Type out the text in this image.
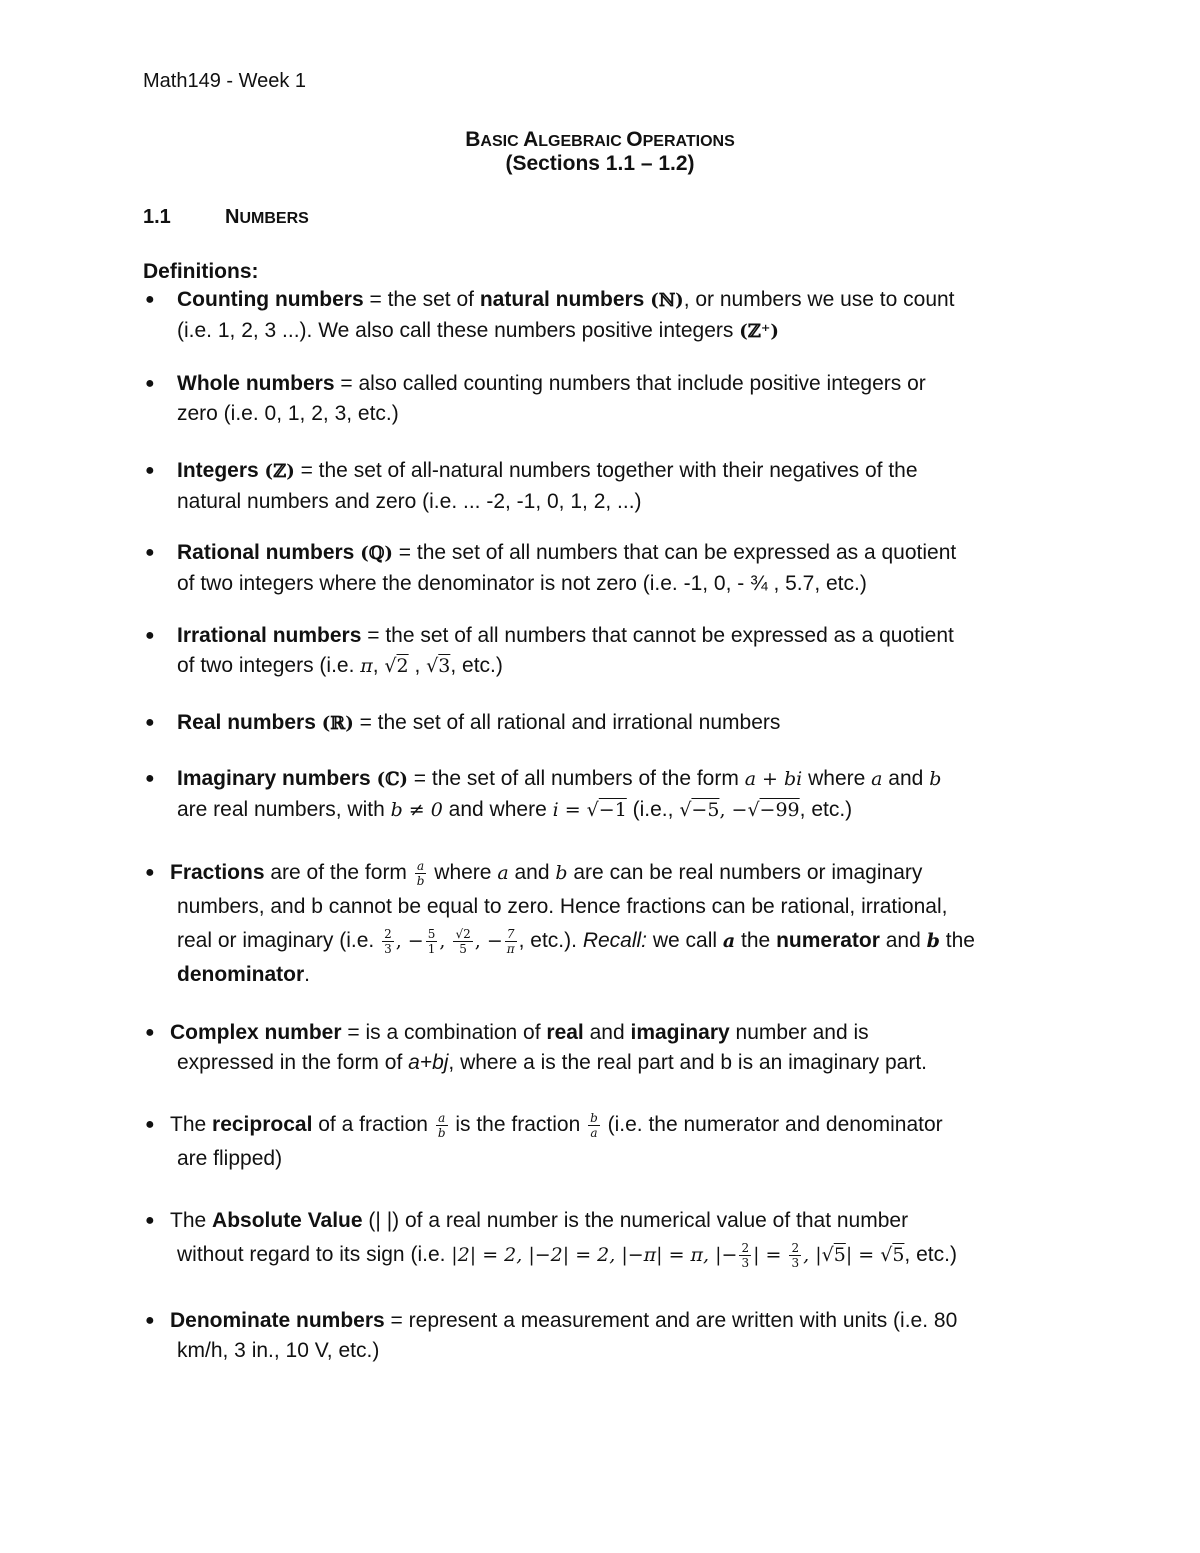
Math149 - Week 1
BASIC ALGEBRAIC OPERATIONS
(Sections 1.1 – 1.2)
1.1	NUMBERS
Definitions:
● Counting numbers = the set of natural numbers (ℕ), or numbers we use to count
(i.e. 1, 2, 3 ...). We also call these numbers positive integers (ℤ⁺)
● Whole numbers = also called counting numbers that include positive integers or
zero (i.e. 0, 1, 2, 3, etc.)
● Integers (ℤ) = the set of all-natural numbers together with their negatives of the
natural numbers and zero (i.e. ... -2, -1, 0, 1, 2, ...)
● Rational numbers (ℚ) = the set of all numbers that can be expressed as a quotient
of two integers where the denominator is not zero (i.e. -1, 0, - ¾ , 5.7, etc.)
● Irrational numbers = the set of all numbers that cannot be expressed as a quotient
of two integers (i.e. π, √2 , √3, etc.)
● Real numbers (ℝ) = the set of all rational and irrational numbers
● Imaginary numbers (ℂ) = the set of all numbers of the form a + bi where a and b
are real numbers, with b ≠ 0 and where i = √−1 (i.e., √−5, −√−99, etc.)
● Fractions are of the form $\frac{a}{b}$ where a and b are can be real numbers or imaginary

numbers, and b cannot be equal to zero. Hence fractions can be rational, irrational,
real or imaginary (i.e. $\frac{2}{3}$ , − $\frac{5}{1}$ , $\frac{√2}{5}$ , − $\frac{7}{\pi}$ , etc.). Recall: we call a the numerator and b the
denominator.
● Complex number = is a combination of real and imaginary number and is

expressed in the form of a+bj, where a is the real part and b is an imaginary part.
● The reciprocal of a fraction $\frac{a}{b}$ is the fraction $\frac{b}{a} (i.e$. the numerator and denominator

are flipped)
● The Absolute Value (| |) of a real number is the numerical value of that number

without regard to its sign (i.e. |2| = 2, |−2| = 2, |−π| = π, |− $\frac{2}{3}$ | = $\frac{2}{3}$ , |√5| = √5, etc.)
● Denominate numbers = represent a measurement and are written with units (i.e. 80

km/h, 3 in., 10 V, etc.)
